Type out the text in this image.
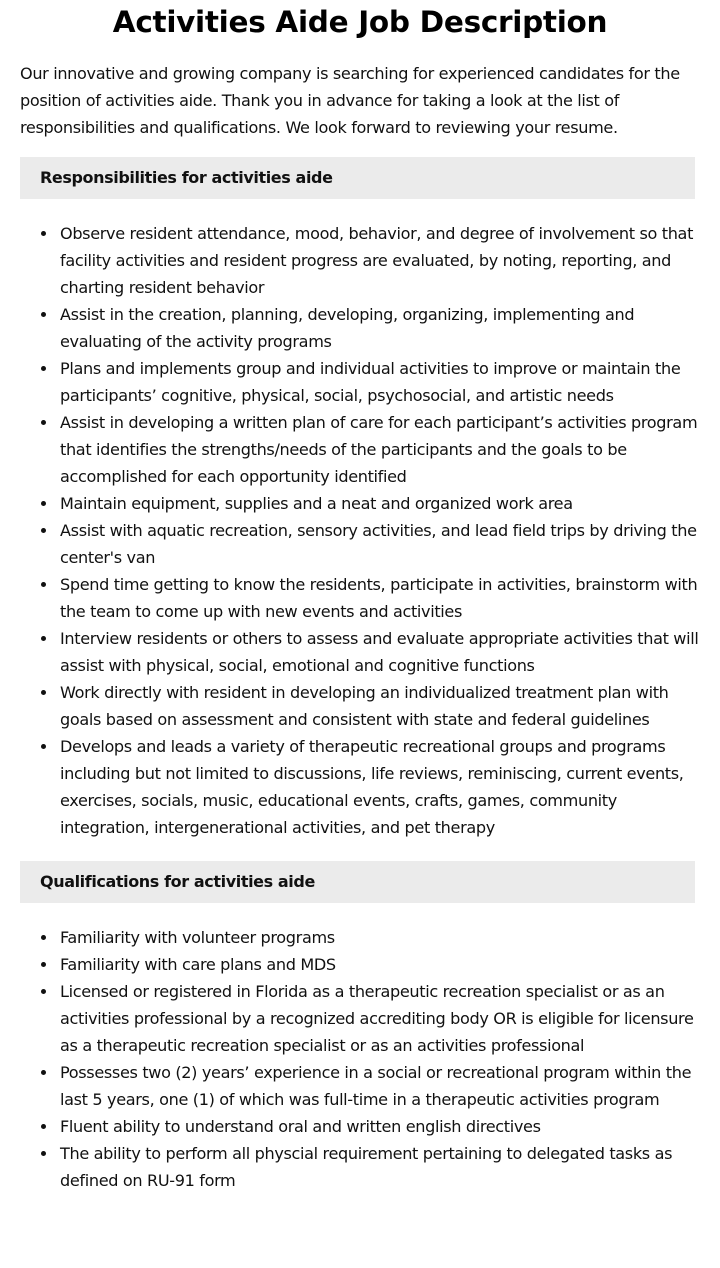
Activities Aide Job Description

Our innovative and growing company is searching for experienced candidates for the position of activities aide. Thank you in advance for taking a look at the list of responsibilities and qualifications. We look forward to reviewing your resume.

Responsibilities for activities aide
Observe resident attendance, mood, behavior, and degree of involvement so that facility activities and resident progress are evaluated, by noting, reporting, and charting resident behavior
Assist in the creation, planning, developing, organizing, implementing and evaluating of the activity programs
Plans and implements group and individual activities to improve or maintain the participants’ cognitive, physical, social, psychosocial, and artistic needs
Assist in developing a written plan of care for each participant’s activities program that identifies the strengths/needs of the participants and the goals to be accomplished for each opportunity identified
Maintain equipment, supplies and a neat and organized work area
Assist with aquatic recreation, sensory activities, and lead field trips by driving the center's van
Spend time getting to know the residents, participate in activities, brainstorm with the team to come up with new events and activities
Interview residents or others to assess and evaluate appropriate activities that will assist with physical, social, emotional and cognitive functions
Work directly with resident in developing an individualized treatment plan with goals based on assessment and consistent with state and federal guidelines
Develops and leads a variety of therapeutic recreational groups and programs including but not limited to discussions, life reviews, reminiscing, current events, exercises, socials, music, educational events, crafts, games, community integration, intergenerational activities, and pet therapy
Qualifications for activities aide
Familiarity with volunteer programs
Familiarity with care plans and MDS
Licensed or registered in Florida as a therapeutic recreation specialist or as an activities professional by a recognized accrediting body OR is eligible for licensure as a therapeutic recreation specialist or as an activities professional
Possesses two (2) years’ experience in a social or recreational program within the last 5 years, one (1) of which was full-time in a therapeutic activities program
Fluent ability to understand oral and written english directives
The ability to perform all physcial requirement pertaining to delegated tasks as defined on RU-91 form
